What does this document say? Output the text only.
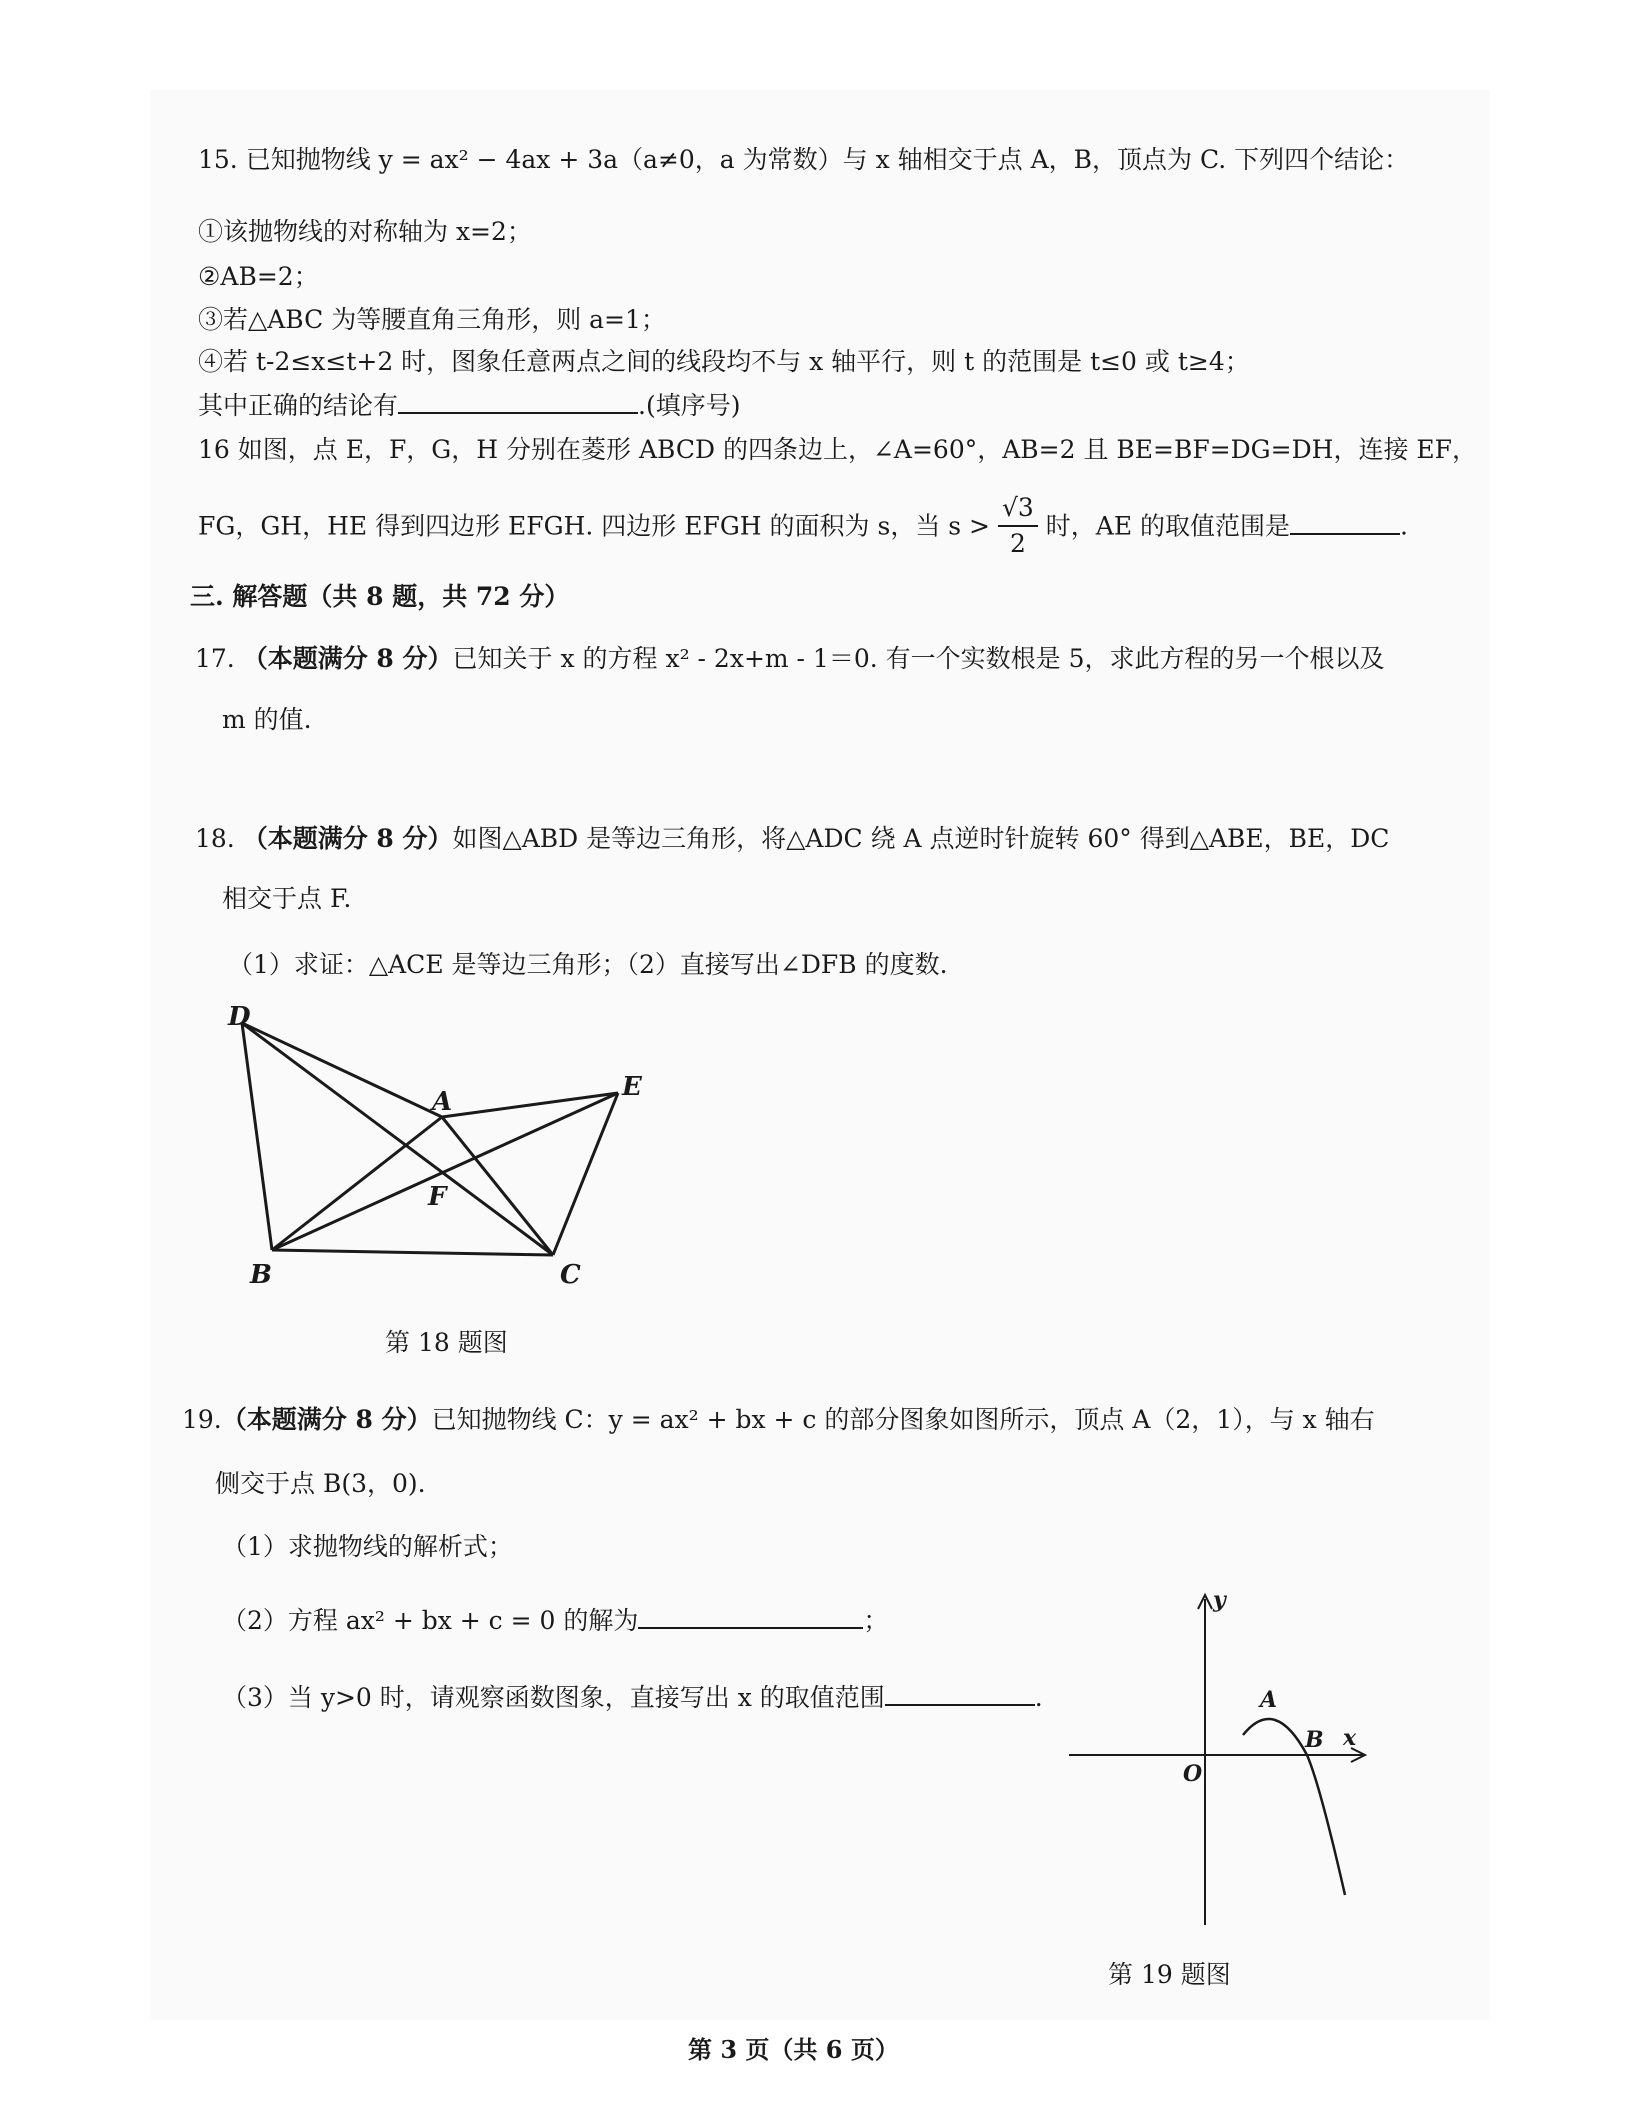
15. 已知抛物线 y = ax² − 4ax + 3a（a≠0，a 为常数）与 x 轴相交于点 A，B，顶点为 C. 下列四个结论：
①该抛物线的对称轴为 x=2；
②AB=2；
③若△ABC 为等腰直角三角形，则 a=1；
④若 t-2≤x≤t+2 时，图象任意两点之间的线段均不与 x 轴平行，则 t 的范围是 t≤0 或 t≥4；
其中正确的结论有	.(填序号)
16 如图，点 E，F，G，H 分别在菱形 ABCD 的四条边上，∠A=60°，AB=2 且 BE=BF=DG=DH，连接 EF，
FG，GH，HE 得到四边形 EFGH. 四边形 EFGH 的面积为 s，当 $s > \frac{√3}{2}$ 时，AE 的取值范围是	.
三. 解答题（共 8 题，共 72 分）
17. （本题满分 8 分）已知关于 x 的方程 x² - 2x+m - 1＝0. 有一个实数根是 5，求此方程的另一个根以及
m 的值.
18. （本题满分 8 分）如图△ABD 是等边三角形，将△ADC 绕 A 点逆时针旋转 60° 得到△ABE，BE，DC
相交于点 F.
（1）求证：△ACE 是等边三角形；（2）直接写出∠DFB 的度数.
D
A	E
F
B	C
第 18 题图
19.（本题满分 8 分）已知抛物线 C：y = ax² + bx + c 的部分图象如图所示，顶点 A（2，1），与 x 轴右
侧交于点 B(3，0).
（1）求抛物线的解析式；
（2）方程 ax² + bx + c = 0 的解为	；
（3）当 y>0 时，请观察函数图象，直接写出 x 的取值范围	.
y
x
O
A
B
第 19 题图
第 3 页（共 6 页）
